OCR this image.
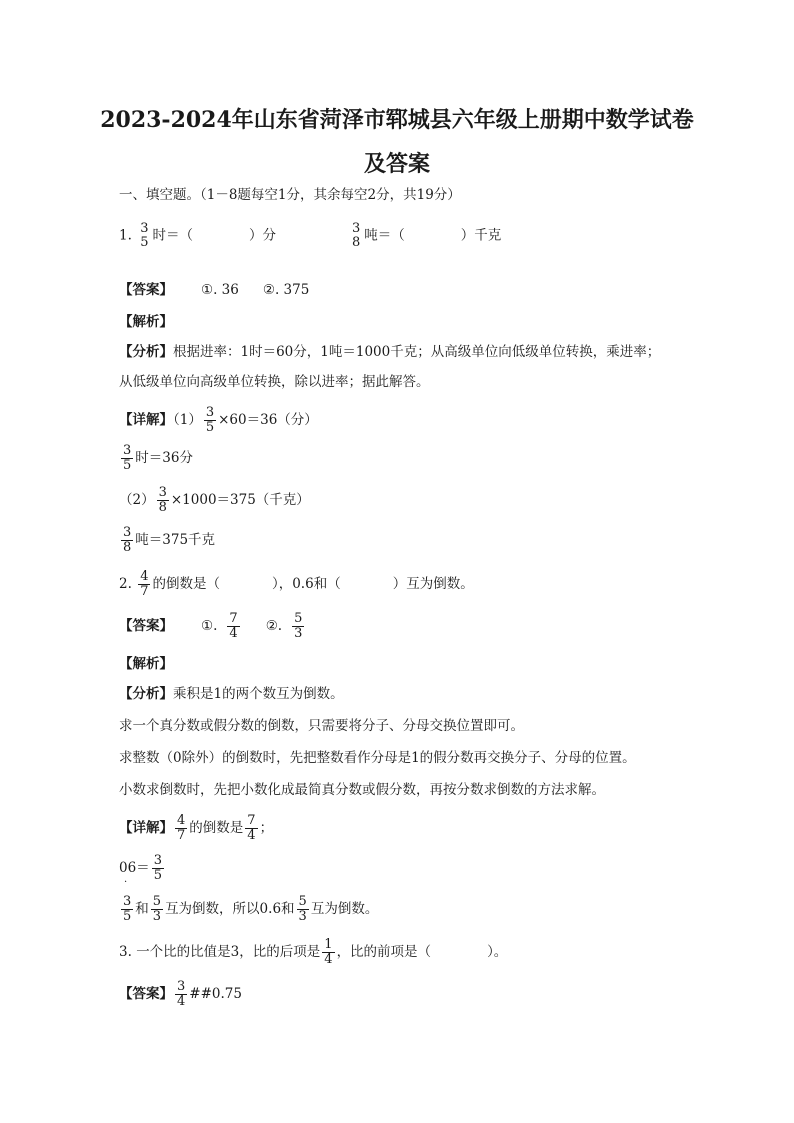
2023-2024年山东省菏泽市郓城县六年级上册期中数学试卷
及答案
一、填空题。（1－8题每空1分，其余每空2分，共19分）
1. 3
5 时＝（	）分	3
8 吨＝（	）千克
【答案】 ①. 36 ②. 375
【解析】
【分析】根据进率：1时＝60分，1吨＝1000千克；从高级单位向低级单位转换，乘进率；
从低级单位向高级单位转换，除以进率；据此解答。
【详解】$(1) \frac{3}{5} \times 60=36$（分）
$\frac{3}{5}$ 时＝36分
$(2) \frac{3}{8} \times 1000=375$（千克）
$\frac{3}{8}$ 吨＝375千克
2. $\frac{4}{7}$ 的倒数是（	），0.6和（	）互为倒数。
【答案】 ①. $\frac{7}{4}$ ②. $\frac{5}{3}$
【解析】
【分析】乘积是1的两个数互为倒数。
求一个真分数或假分数的倒数，只需要将分子、分母交换位置即可。
求整数（0除外）的倒数时，先把整数看作分母是1的假分数再交换分子、分母的位置。
小数求倒数时，先把小数化成最简真分数或假分数，再按分数求倒数的方法求解。
【详解】 $\frac{4}{7}$ 的倒数是 $\frac{7}{4}$ ；
0
.
$6= \frac{3}{5}$
$\frac{3}{5}$ 和 $\frac{5}{3}$ 互为倒数，所以0.6和 $\frac{5}{3}$ 互为倒数。
3. 一个比的比值是3，比的后项是 $\frac{1}{4}$ ，比的前项是（	）。
【答案】 $\frac{3}{4}$ ##0.75
